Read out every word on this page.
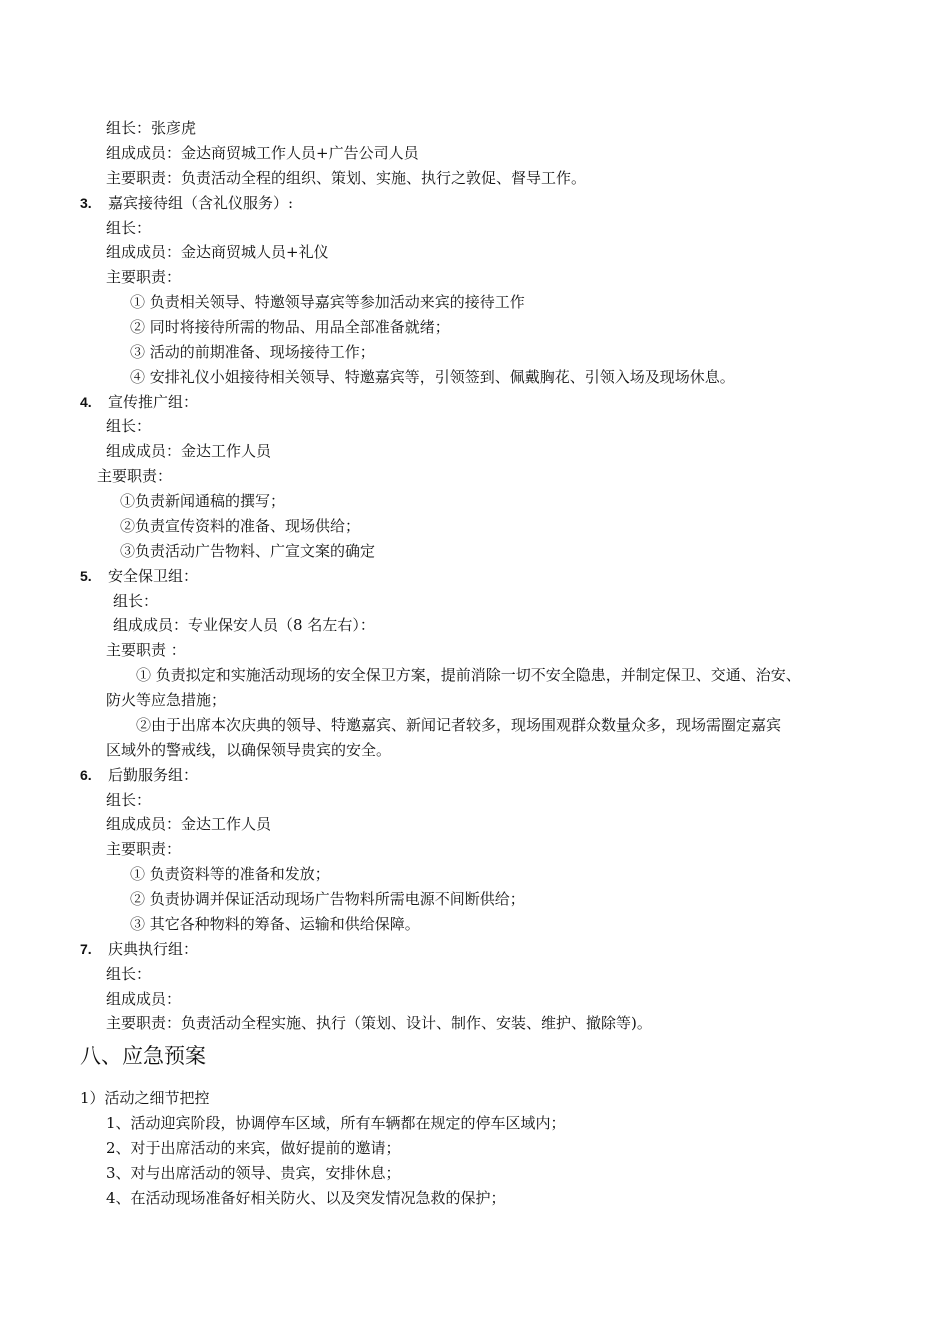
组长：张彦虎
组成成员：金达商贸城工作人员+广告公司人员
主要职责：负责活动全程的组织、策划、实施、执行之敦促、督导工作。
3. 嘉宾接待组（含礼仪服务）:
组长：
组成成员：金达商贸城人员+礼仪
主要职责：
① 负责相关领导、特邀领导嘉宾等参加活动来宾的接待工作
② 同时将接待所需的物品、用品全部准备就绪；
③ 活动的前期准备、现场接待工作；
④ 安排礼仪小姐接待相关领导、特邀嘉宾等，引领签到、佩戴胸花、引领入场及现场休息。
4. 宣传推广组：
组长：
组成成员：金达工作人员
主要职责：
①负责新闻通稿的撰写；
②负责宣传资料的准备、现场供给；
③负责活动广告物料、广宣文案的确定
5. 安全保卫组：
组长：
组成成员：专业保安人员（8 名左右）：
主要职责 ：
① 负责拟定和实施活动现场的安全保卫方案，提前消除一切不安全隐患，并制定保卫、交通、治安、
防火等应急措施；
②由于出席本次庆典的领导、特邀嘉宾、新闻记者较多，现场围观群众数量众多，现场需圈定嘉宾
区域外的警戒线，以确保领导贵宾的安全。
6. 后勤服务组：
组长：
组成成员：金达工作人员
主要职责：
① 负责资料等的准备和发放；
② 负责协调并保证活动现场广告物料所需电源不间断供给；
③ 其它各种物料的筹备、运输和供给保障。
7. 庆典执行组：
组长：
组成成员：
主要职责：负责活动全程实施、执行（策划、设计、制作、安装、维护、撤除等)。
八、应急预案
1）活动之细节把控
1、活动迎宾阶段，协调停车区域，所有车辆都在规定的停车区域内；
2、对于出席活动的来宾，做好提前的邀请；
3、对与出席活动的领导、贵宾，安排休息；
4、在活动现场准备好相关防火、以及突发情况急救的保护；
